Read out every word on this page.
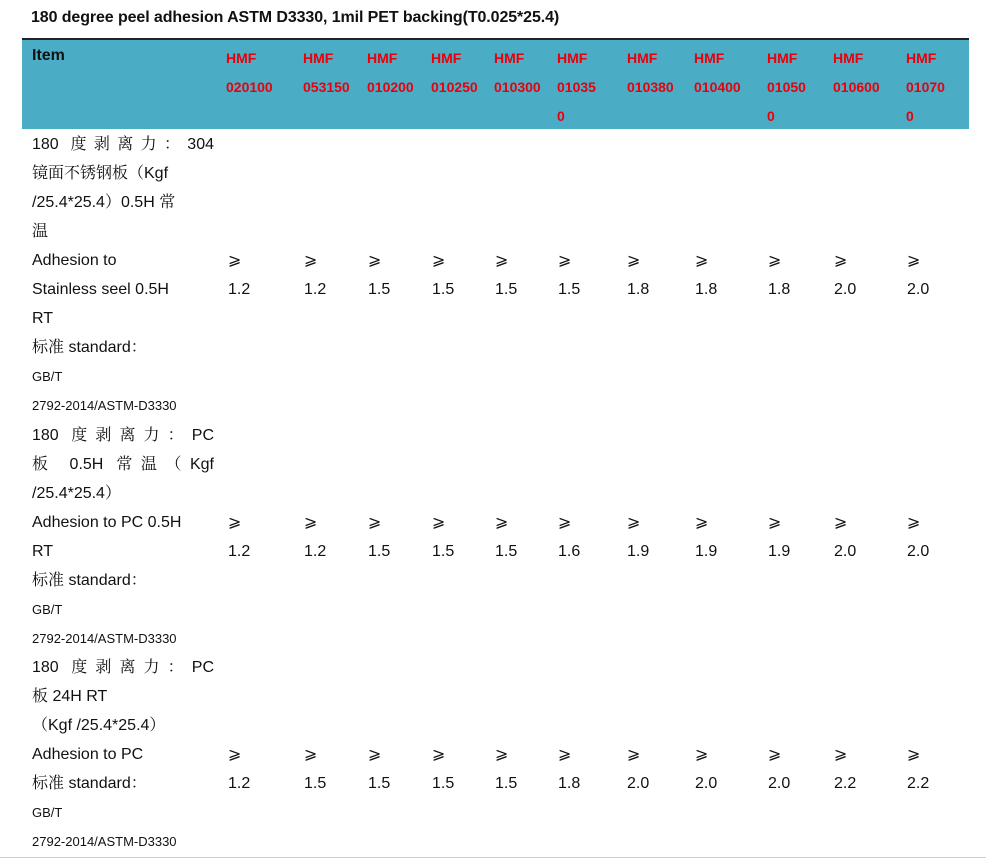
180 degree peel adhesion ASTM D3330, 1mil PET backing(T0.025*25.4)
Item	HMF
020100
HMF
053150
HMF
010200
HMF
010250
HMF
010300
HMF
01035
0
HMF
010380
HMF
010400
HMF
01050
0
HMF
010600
HMF
01070
0
180 度剥离力：304
镜面不锈钢板（Kgf
/25.4*25.4）0.5H 常
温
Adhesion to
Stainless seel 0.5H
RT
标准 standard：
GB/T
2792-2014/ASTM-D3330
⩾
1.2
⩾
1.2
⩾
1.5
⩾
1.5
⩾
1.5
⩾
1.5
⩾
1.8
⩾
1.8
⩾
1.8
⩾
2.0
⩾
2.0
180 度剥离力：PC
板 0.5H 常温（Kgf
/25.4*25.4）
Adhesion to PC 0.5H
RT
标准 standard：
GB/T
2792-2014/ASTM-D3330
⩾
1.2
⩾
1.2
⩾
1.5
⩾
1.5
⩾
1.5
⩾
1.6
⩾
1.9
⩾
1.9
⩾
1.9
⩾
2.0
⩾
2.0
180 度剥离力：PC
板 24H RT
（Kgf /25.4*25.4）
Adhesion to PC
标准 standard：
GB/T
2792-2014/ASTM-D3330
⩾
1.2
⩾
1.5
⩾
1.5
⩾
1.5
⩾
1.5
⩾
1.8
⩾
2.0
⩾
2.0
⩾
2.0
⩾
2.2
⩾
2.2
